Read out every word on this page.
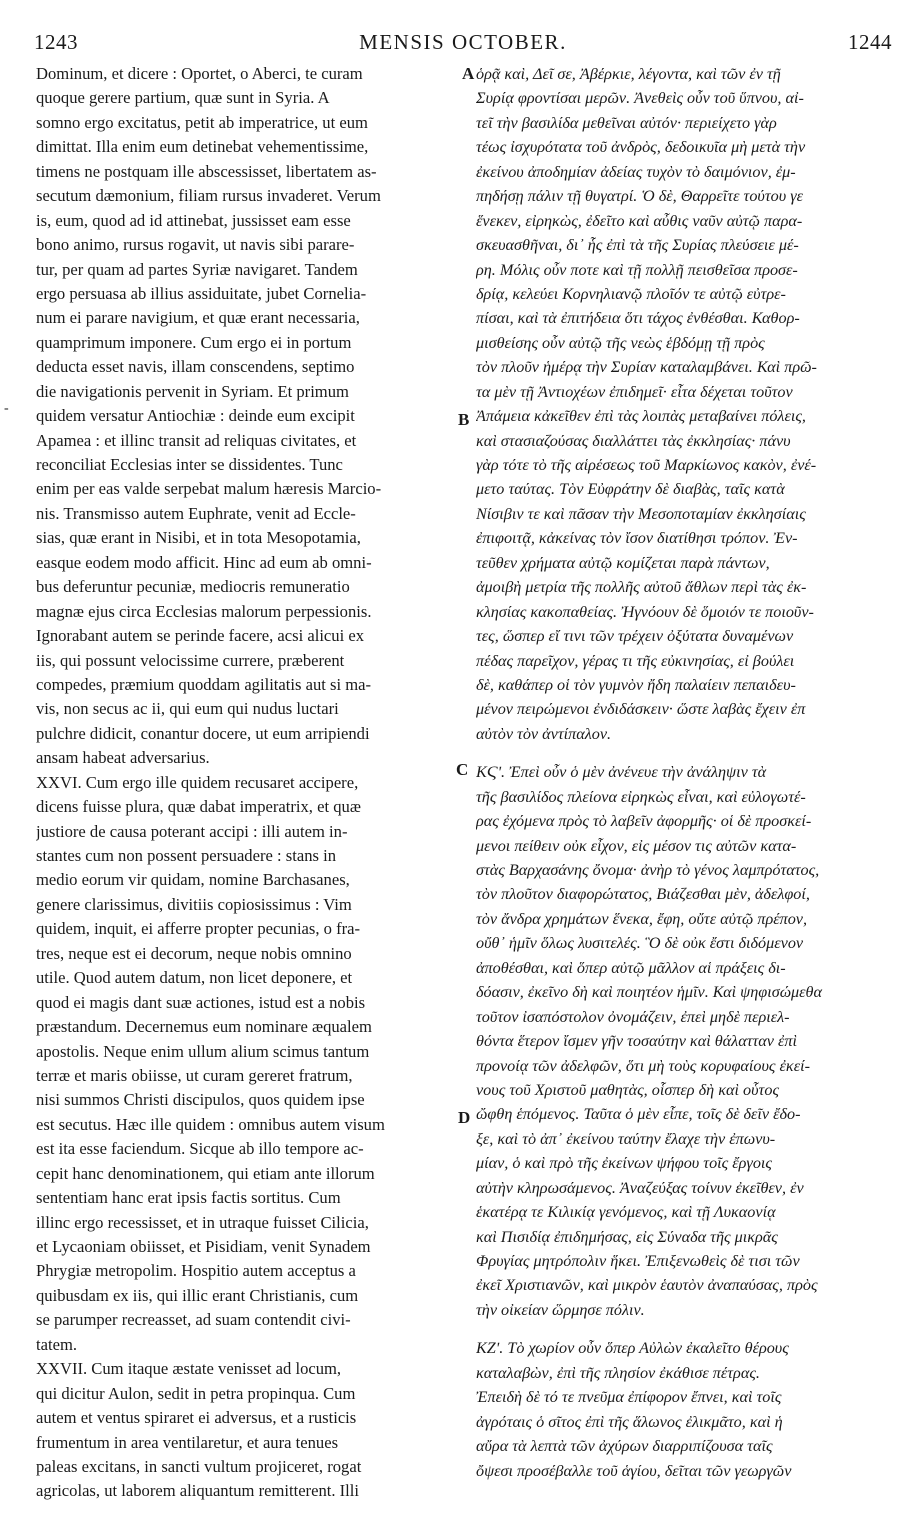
1243	MENSIS OCTOBER.	1244
-
Dominum, et dicere : Oportet, o Aberci, te curam
quoque gerere partium, quæ sunt in Syria. A
somno ergo excitatus, petit ab imperatrice, ut eum
dimittat. Illa enim eum detinebat vehementissime,
timens ne postquam ille abscessisset, libertatem as-
secutum dæmonium, filiam rursus invaderet. Verum
is, eum, quod ad id attinebat, jussisset eam esse
bono animo, rursus rogavit, ut navis sibi parare-
tur, per quam ad partes Syriæ navigaret. Tandem
ergo persuasa ab illius assiduitate, jubet Cornelia-
num ei parare navigium, et quæ erant necessaria,
quamprimum imponere. Cum ergo ei in portum
deducta esset navis, illam conscendens, septimo
die navigationis pervenit in Syriam. Et primum
quidem versatur Antiochiæ : deinde eum excipit
Apamea : et illinc transit ad reliquas civitates, et
reconciliat Ecclesias inter se dissidentes. Tunc
enim per eas valde serpebat malum hæresis Marcio-
nis. Transmisso autem Euphrate, venit ad Eccle-
sias, quæ erant in Nisibi, et in tota Mesopotamia,
easque eodem modo afficit. Hinc ad eum ab omni-
bus deferuntur pecuniæ, mediocris remuneratio
magnæ ejus circa Ecclesias malorum perpessionis.
Ignorabant autem se perinde facere, acsi alicui ex
iis, qui possunt velocissime currere, præberent
compedes, præmium quoddam agilitatis aut si ma-
vis, non secus ac ii, qui eum qui nudus luctari
pulchre didicit, conantur docere, ut eum arripiendi
ansam habeat adversarius.
XXVI. Cum ergo ille quidem recusaret accipere,
dicens fuisse plura, quæ dabat imperatrix, et quæ
justiore de causa poterant accipi : illi autem in-
stantes cum non possent persuadere : stans in
medio eorum vir quidam, nomine Barchasanes,
genere clarissimus, divitiis copiosissimus : Vim
quidem, inquit, ei afferre propter pecunias, o fra-
tres, neque est ei decorum, neque nobis omnino
utile. Quod autem datum, non licet deponere, et
quod ei magis dant suæ actiones, istud est a nobis
præstandum. Decernemus eum nominare æqualem
apostolis. Neque enim ullum alium scimus tantum
terræ et maris obiisse, ut curam gereret fratrum,
nisi summos Christi discipulos, quos quidem ipse
est secutus. Hæc ille quidem : omnibus autem visum
est ita esse faciendum. Sicque ab illo tempore ac-
cepit hanc denominationem, qui etiam ante illorum
sententiam hanc erat ipsis factis sortitus. Cum
illinc ergo recessisset, et in utraque fuisset Cilicia,
et Lycaoniam obiisset, et Pisidiam, venit Synadem
Phrygiæ metropolim. Hospitio autem acceptus a
quibusdam ex iis, qui illic erant Christianis, cum
se parumper recreasset, ad suam contendit civi-
tatem.
XXVII. Cum itaque æstate venisset ad locum,
qui dicitur Aulon, sedit in petra propinqua. Cum
autem et ventus spiraret ei adversus, et a rusticis
frumentum in area ventilaretur, et aura tenues
paleas excitans, in sancti vultum projiceret, rogat
agricolas, ut laborem aliquantum remitterent. Illi
A
B
C
D
ὁρᾷ καὶ, Δεῖ σε, Ἀβέρκιε, λέγοντα, καὶ τῶν ἐν τῇ
Συρίᾳ φροντίσαι μερῶν. Ἀνεθεὶς οὖν τοῦ ὕπνου, αἰ-
τεῖ τὴν βασιλίδα μεθεῖναι αὐτόν· περιείχετο γὰρ
τέως ἰσχυρότατα τοῦ ἀνδρὸς, δεδοικυῖα μὴ μετὰ τὴν
ἐκείνου ἀποδημίαν ἀδείας τυχὸν τὸ δαιμόνιον, ἐμ-
πηδήσῃ πάλιν τῇ θυγατρί. Ὁ δὲ, Θαρρεῖτε τούτου γε
ἕνεκεν, εἰρηκὼς, ἐδεῖτο καὶ αὖθις ναῦν αὐτῷ παρα-
σκευασθῆναι, δι᾽ ἧς ἐπὶ τὰ τῆς Συρίας πλεύσειε μέ-
ρη. Μόλις οὖν ποτε καὶ τῇ πολλῇ πεισθεῖσα προσε-
δρίᾳ, κελεύει Κορνηλιανῷ πλοῖόν τε αὐτῷ εὐτρε-
πίσαι, καὶ τὰ ἐπιτήδεια ὅτι τάχος ἐνθέσθαι. Καθορ-
μισθείσης οὖν αὐτῷ τῆς νεὼς ἑβδόμῃ τῇ πρὸς
τὸν πλοῦν ἡμέρᾳ τὴν Συρίαν καταλαμβάνει. Καὶ πρῶ-
τα μὲν τῇ Ἀντιοχέων ἐπιδημεῖ· εἶτα δέχεται τοῦτον
Ἀπάμεια κἀκεῖθεν ἐπὶ τὰς λοιπὰς μεταβαίνει πόλεις,
καὶ στασιαζούσας διαλλάττει τὰς ἐκκλησίας· πάνυ
γὰρ τότε τὸ τῆς αἱρέσεως τοῦ Μαρκίωνος κακὸν, ἐνέ-
μετο ταύτας. Τὸν Εὐφράτην δὲ διαβὰς, ταῖς κατὰ
Νίσιβιν τε καὶ πᾶσαν τὴν Μεσοποταμίαν ἐκκλησίαις
ἐπιφοιτᾷ, κἀκείνας τὸν ἴσον διατίθησι τρόπον. Ἐν-
τεῦθεν χρήματα αὐτῷ κομίζεται παρὰ πάντων,
ἀμοιβὴ μετρία τῆς πολλῆς αὐτοῦ ἄθλων περὶ τὰς ἐκ-
κλησίας κακοπαθείας. Ἠγνόουν δὲ ὅμοιόν τε ποιοῦν-
τες, ὥσπερ εἴ τινι τῶν τρέχειν ὀξύτατα δυναμένων
πέδας παρεῖχον, γέρας τι τῆς εὐκινησίας, εἰ βούλει
δὲ, καθάπερ οἱ τὸν γυμνὸν ἤδη παλαίειν πεπαιδευ-
μένον πειρώμενοι ἐνδιδάσκειν· ὥστε λαβὰς ἔχειν ἐπ
αὐτὸν τὸν ἀντίπαλον.
ΚϚʹ. Ἐπεὶ οὖν ὁ μὲν ἀνένευε τὴν ἀνάληψιν τὰ
τῆς βασιλίδος πλείονα εἰρηκὼς εἶναι, καὶ εὐλογωτέ-
ρας ἐχόμενα πρὸς τὸ λαβεῖν ἀφορμῆς· οἱ δὲ προσκεί-
μενοι πείθειν οὐκ εἶχον, εἰς μέσον τις αὐτῶν κατα-
στὰς Βαρχασάνης ὄνομα· ἀνὴρ τὸ γένος λαμπρότατος,
τὸν πλοῦτον διαφορώτατος, Βιάζεσθαι μὲν, ἀδελφοί,
τὸν ἄνδρα χρημάτων ἕνεκα, ἔφη, οὔτε αὐτῷ πρέπον,
οὔθ᾽ ἡμῖν ὅλως λυσιτελές. Ὃ δὲ οὐκ ἔστι διδόμενον
ἀποθέσθαι, καὶ ὅπερ αὐτῷ μᾶλλον αἱ πράξεις δι-
δόασιν, ἐκεῖνο δὴ καὶ ποιητέον ἡμῖν. Καὶ ψηφισώμεθα
τοῦτον ἰσαπόστολον ὀνομάζειν, ἐπεὶ μηδὲ περιελ-
θόντα ἕτερον ἴσμεν γῆν τοσαύτην καὶ θάλατταν ἐπὶ
προνοίᾳ τῶν ἀδελφῶν, ὅτι μὴ τοὺς κορυφαίους ἐκεί-
νους τοῦ Χριστοῦ μαθητὰς, οἷσπερ δὴ καὶ οὗτος
ὤφθη ἑπόμενος. Ταῦτα ὁ μὲν εἶπε, τοῖς δὲ δεῖν ἔδο-
ξε, καὶ τὸ ἀπ᾽ ἐκείνου ταύτην ἔλαχε τὴν ἐπωνυ-
μίαν, ὁ καὶ πρὸ τῆς ἐκείνων ψήφου τοῖς ἔργοις
αὐτὴν κληρωσάμενος. Ἀναζεύξας τοίνυν ἐκεῖθεν, ἐν
ἑκατέρᾳ τε Κιλικίᾳ γενόμενος, καὶ τῇ Λυκαονίᾳ
καὶ Πισιδίᾳ ἐπιδημήσας, εἰς Σύναδα τῆς μικρᾶς
Φρυγίας μητρόπολιν ἥκει. Ἐπιξενωθεὶς δὲ τισι τῶν
ἐκεῖ Χριστιανῶν, καὶ μικρὸν ἑαυτὸν ἀναπαύσας, πρὸς
τὴν οἰκείαν ὥρμησε πόλιν.
ΚΖʹ. Τὸ χωρίον οὖν ὅπερ Αὐλὼν ἐκαλεῖτο θέρους
καταλαβὼν, ἐπὶ τῆς πλησίον ἐκάθισε πέτρας.
Ἐπειδὴ δὲ τό τε πνεῦμα ἐπίφορον ἔπνει, καὶ τοῖς
ἀγρόταις ὁ σῖτος ἐπὶ τῆς ἅλωνος ἐλικμᾶτο, καὶ ἡ
αὔρα τὰ λεπτὰ τῶν ἀχύρων διαρριπίζουσα ταῖς
ὄψεσι προσέβαλλε τοῦ ἁγίου, δεῖται τῶν γεωργῶν
